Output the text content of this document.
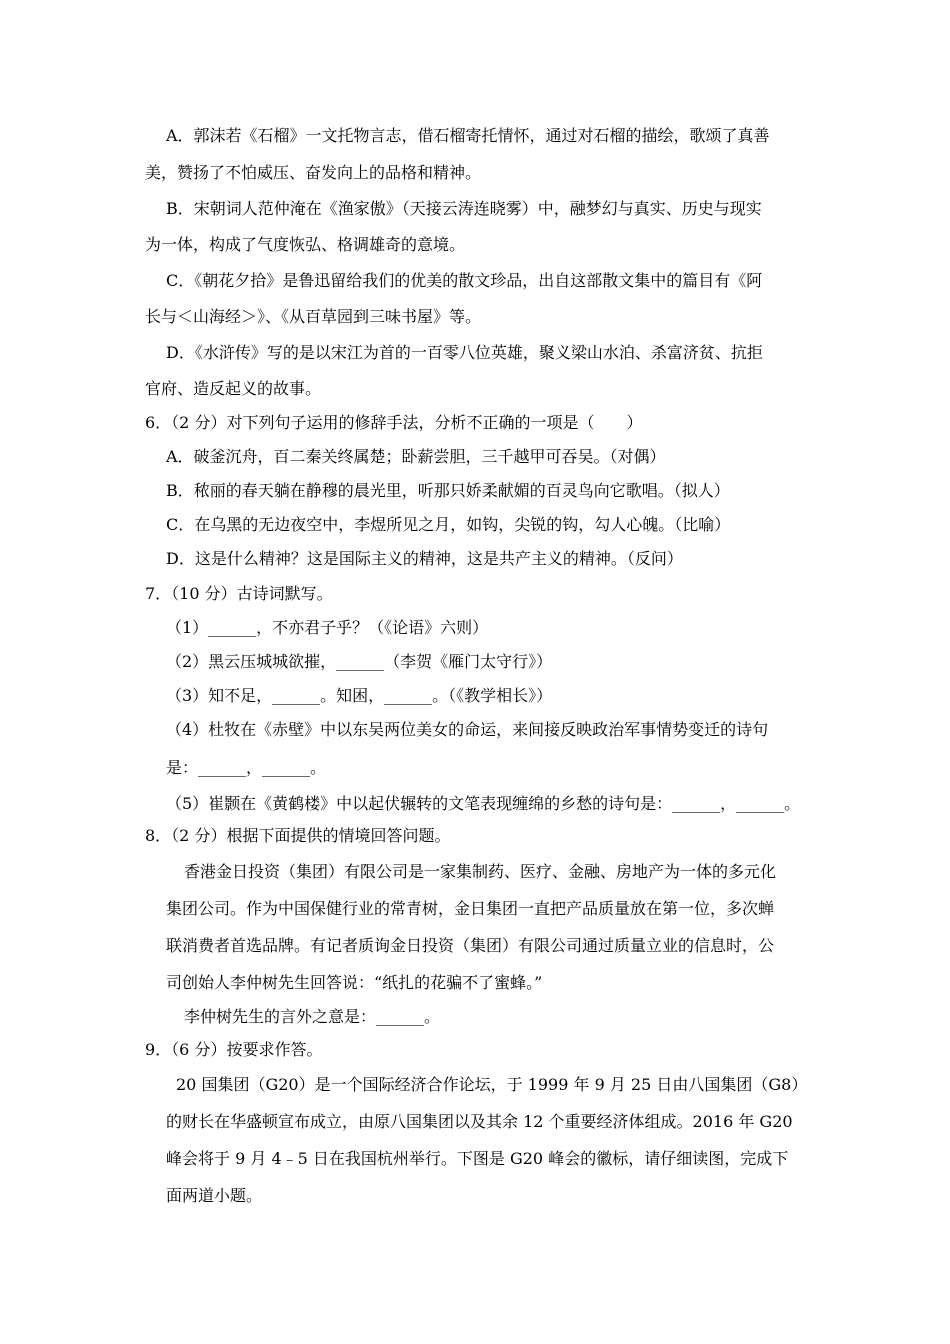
A．郭沫若《石榴》一文托物言志，借石榴寄托情怀，通过对石榴的描绘，歌颂了真善
美，赞扬了不怕威压、奋发向上的品格和精神。
B．宋朝词人范仲淹在《渔家傲》（天接云涛连晓雾）中，融梦幻与真实、历史与现实
为一体，构成了气度恢弘、格调雄奇的意境。
C．《朝花夕拾》是鲁迅留给我们的优美的散文珍品，出自这部散文集中的篇目有《阿
长与＜山海经＞》、《从百草园到三味书屋》等。
D．《水浒传》写的是以宋江为首的一百零八位英雄，聚义梁山水泊、杀富济贫、抗拒
官府、造反起义的故事。
6．（2 分）对下列句子运用的修辞手法，分析不正确的一项是（　　）
A．破釜沉舟，百二秦关终属楚；卧薪尝胆，三千越甲可吞吴。（对偶）
B．秾丽的春天躺在静穆的晨光里，听那只娇柔献媚的百灵鸟向它歌唱。（拟人）
C．在乌黑的无边夜空中，李煜所见之月，如钩，尖锐的钩，勾人心魄。（比喻）
D．这是什么精神？这是国际主义的精神，这是共产主义的精神。（反问）
7．（10 分）古诗词默写。
（1）______，不亦君子乎？（《论语》六则）
（2）黑云压城城欲摧，______（李贺《雁门太守行》）
（3）知不足，______。知困，______。（《教学相长》）
（4）杜牧在《赤壁》中以东吴两位美女的命运，来间接反映政治军事情势变迁的诗句
是：______，______。
（5）崔颢在《黄鹤楼》中以起伏辗转的文笔表现缠绵的乡愁的诗句是：______，______。
8．（2 分）根据下面提供的情境回答问题。
香港金日投资（集团）有限公司是一家集制药、医疗、金融、房地产为一体的多元化
集团公司。作为中国保健行业的常青树，金日集团一直把产品质量放在第一位，多次蝉
联消费者首选品牌。有记者质询金日投资（集团）有限公司通过质量立业的信息时，公
司创始人李仲树先生回答说：“纸扎的花骗不了蜜蜂。”
李仲树先生的言外之意是：______。
9．（6 分）按要求作答。
20 国集团（G20）是一个国际经济合作论坛，于 1999 年 9 月 25 日由八国集团（G8）
的财长在华盛顿宣布成立，由原八国集团以及其余 12 个重要经济体组成。2016 年 G20
峰会将于 9 月 4﹣5 日在我国杭州举行。下图是 G20 峰会的徽标，请仔细读图，完成下
面两道小题。
